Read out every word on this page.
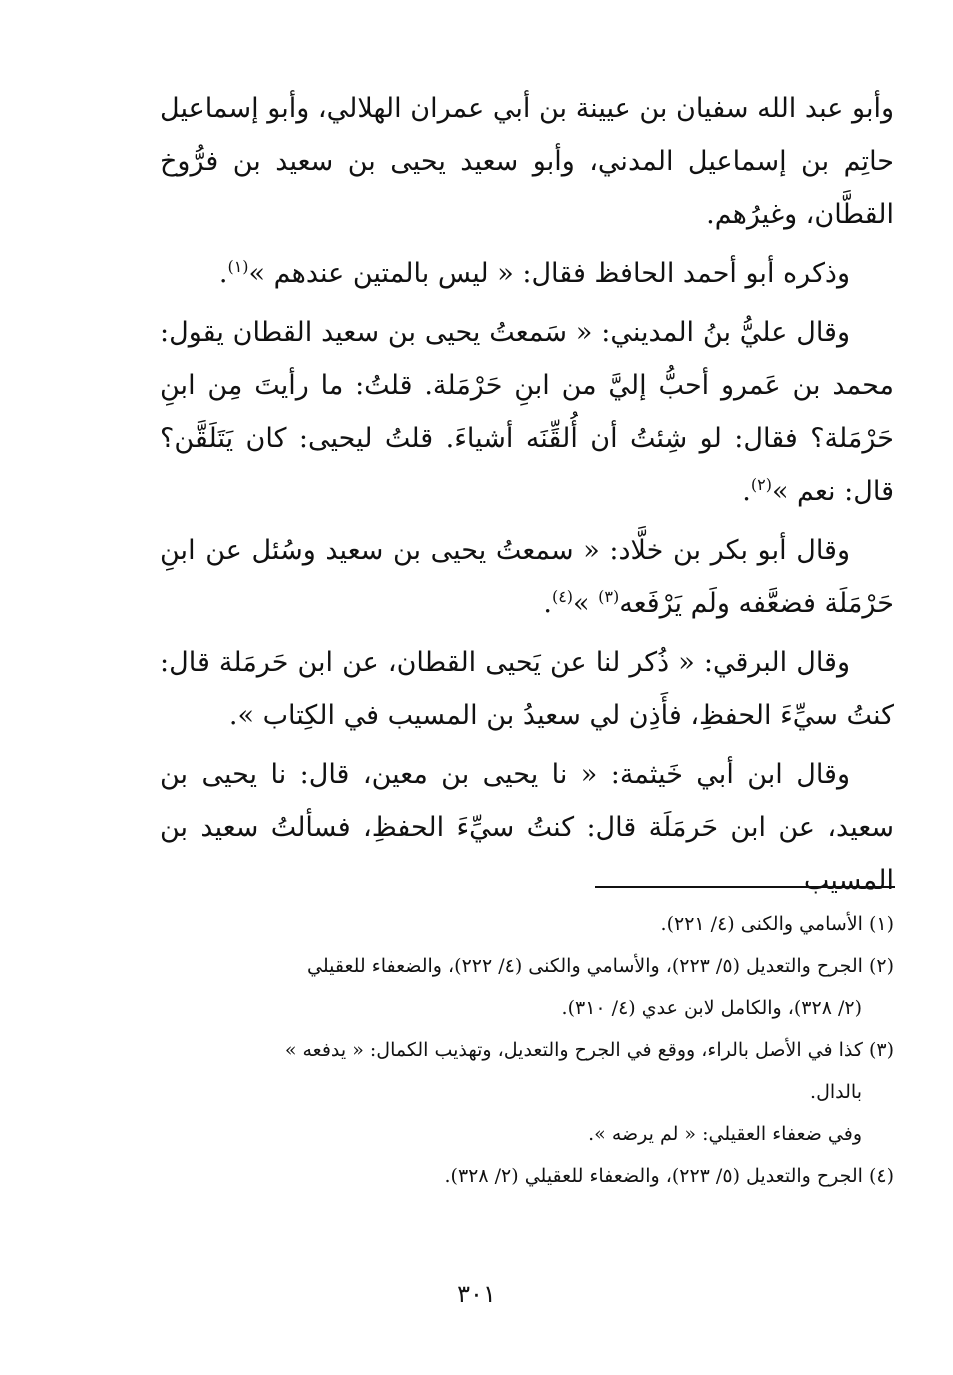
وأبو عبد الله سفيان بن عيينة بن أبي عمران الهلالي، وأبو إسماعيل حاتِم بن إسماعيل المدني، وأبو سعيد يحيى بن سعيد بن فرُّوخ القطَّان، وغيرُهم.

وذكره أبو أحمد الحافظ فقال: « ليس بالمتين عندهم »$^{(١)}$.

وقال عليُّ بنُ المديني: « سَمعتُ يحيى بن سعيد القطان يقول: محمد بن عَمرو أحبُّ إليَّ من ابنِ حَرْمَلة. قلتُ: ما رأيتَ مِن ابنِ حَرْمَلة؟ فقال: لو شِئتُ أن أُلقِّنَه أشياءَ. قلتُ ليحيى: كان يَتَلَقَّن؟ قال: نعم »$^{(٢)}$.

وقال أبو بكر بن خلَّاد: « سمعتُ يحيى بن سعيد وسُئل عن ابنِ حَرْمَلَة فضعَّفه ولَم يَرْفَعه$^{(٣)}$ »$^{(٤)}$.

وقال البرقي: « ذُكر لنا عن يَحيى القطان، عن ابن حَرمَلة قال: كنتُ سيِّءَ الحفظِ، فأَذِن لي سعيدُ بن المسيب في الكِتاب ».

وقال ابن أبي خَيثمة: « نا يحيى بن معين، قال: نا يحيى بن سعيد، عن ابن حَرمَلَة قال: كنتُ سيِّءَ الحفظِ، فسألتُ سعيد بن المسيب

(١)الأسامي والكنى (٤/ ٢٢١).

(٢)الجرح والتعديل (٥/ ٢٢٣)، والأسامي والكنى (٤/ ٢٢٢)، والضعفاء للعقيلي

(٢/ ٣٢٨)، والكامل لابن عدي (٤/ ٣١٠).

(٣)كذا في الأصل بالراء، ووقع في الجرح والتعديل، وتهذيب الكمال: « يدفعه »

بالدال.

وفي ضعفاء العقيلي: « لم يرضه ».

(٤)الجرح والتعديل (٥/ ٢٢٣)، والضعفاء للعقيلي (٢/ ٣٢٨).

٣٠١
